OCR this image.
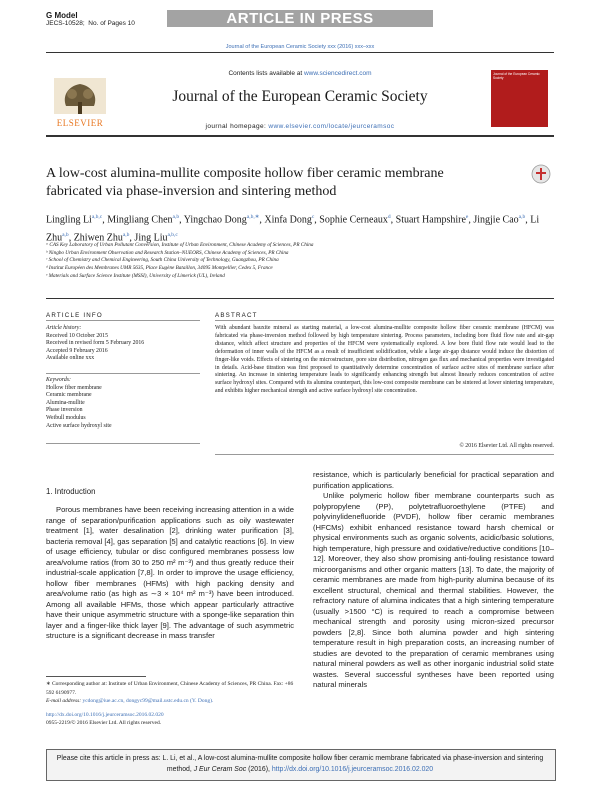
G Model
JECS-10528; No. of Pages 10	ARTICLE IN PRESS
Journal of the European Ceramic Society xxx (2016) xxx–xxx
ELSEVIER
Contents lists available at www.sciencedirect.com
Journal of the European Ceramic Society
journal homepage: www.elsevier.com/locate/jeurceramsoc
Journal of the European Ceramic Society
A low-cost alumina-mullite composite hollow fiber ceramic membrane fabricated via phase-inversion and sintering method
Lingling Li$^{a,b,c}$, Mingliang Chen$^{a,b}$, Yingchao Dong$^{a,b,∗}$, Xinfa Dong$^c$, Sophie Cerneaux$^d$, Stuart Hampshire$^e$, Jingjie Cao$^{a,b}$, Li Zhu$^{a,b}$, Zhiwen Zhu$^{a,b}$, Jing Liu$^{a,b,c}$
ᵃ CAS Key Laboratory of Urban Pollutant Conversion, Institute of Urban Environment, Chinese Academy of Sciences, PR China
ᵇ Ningbo Urban Environment Observation and Research Station–NUEORS, Chinese Academy of Sciences, PR China
ᶜ School of Chemistry and Chemical Engineering, South China University of Technology, Guangzhou, PR China
ᵈ Institut Européen des Membranes UMR 5635, Place Eugène Bataillon, 34095 Montpellier, Cedex 5, France
ᵉ Materials and Surface Science Institute (MSSI), University of Limerick (UL), Ireland
ARTICLE INFO
Article history:
Received 10 October 2015
Received in revised form 5 February 2016
Accepted 9 February 2016
Available online xxx
Keywords:
Hollow fiber membrane
Ceramic membrane
Alumina-mullite
Phase inversion
Weibull modulus
Active surface hydroxyl site
ABSTRACT
With abundant bauxite mineral as starting material, a low-cost alumina-mullite composite hollow fiber ceramic membrane (HFCM) was fabricated via phase-inversion method followed by high temperature sintering. Process parameters, including bore fluid flow rate and air-gap distance, which affect structure and properties of the HFCM were systematically explored. A low bore fluid flow rate would lead to the deformation of inner walls of the HFCM as a result of insufficient solidification, while a large air-gap distance would induce the distortion of finger-like voids. Effects of sintering on the microstructure, pore size distribution, nitrogen gas flux and mechanical properties were investigated in details. Acid-base titration was first proposed to quantitatively determine concentration of surface active sites of membrane surface after sintering. An increase in sintering temperature leads to significantly enhancing strength but almost linearly reduces concentration of active surface hydroxyl sites. Compared with its alumina counterpart, this low-cost composite membrane can be sintered at lower sintering temperature, and exhibits higher mechanical strength and active surface hydroxyl site concentration.
© 2016 Elsevier Ltd. All rights reserved.
1. Introduction

Porous membranes have been receiving increasing attention in a wide range of separation/purification applications such as oily wastewater treatment [1], water desalination [2], drinking water purification [3], bacteria removal [4], gas separation [5] and catalytic reactions [6]. In view of usage efficiency, tubular or disc configured membranes possess low area/volume ratios (from 30 to 250 m² m⁻³) and thus greatly reduce their industrial-scale application [7,8]. In order to improve the usage efficiency, hollow fiber membranes (HFMs) with high packing density and area/volume ratio (as high as ∼3 × 10⁴ m² m⁻³) have been introduced. Among all available HFMs, those which appear particularly attractive have their unique asymmetric structure with a sponge-like separation thin layer and a finger-like thick layer [9]. The advantage of such asymmetric structure is a significant decrease in mass transfer

resistance, which is particularly beneficial for practical separation and purification applications.

Unlike polymeric hollow fiber membrane counterparts such as polypropylene (PP), polytetrafluoroethylene (PTFE) and polyvinylidenefluoride (PVDF), hollow fiber ceramic membranes (HFCMs) exhibit enhanced resistance toward harsh chemical or physical environments such as organic solvents, acidic/basic solutions, high temperature, high pressure and oxidative/reductive conditions [10–12]. Moreover, they also show promising anti-fouling resistance toward microorganisms and other organic matters [13]. To date, the majority of ceramic membranes are made from high-purity alumina because of its excellent structural, chemical and thermal stabilities. However, the refractory nature of alumina indicates that a high sintering temperature (usually >1500 °C) is required to reach a compromise between mechanical strength and porosity using micron-sized precursor powders [2,8]. Since both alumina powder and high sintering temperature result in high preparation costs, an increasing number of studies are devoted to the preparation of ceramic membranes using natural mineral powders as well as other inorganic industrial solid state wastes. Several successful syntheses have been reported using natural minerals

∗ Corresponding author at: Institute of Urban Environment, Chinese Academy of Sciences, PR China. Fax: +86 592 6190977.
E-mail address: ycdong@iue.ac.cn, dongyc99@mail.ustc.edu.cn (Y. Dong).
http://dx.doi.org/10.1016/j.jeurceramsoc.2016.02.020
0955-2219/© 2016 Elsevier Ltd. All rights reserved.
Please cite this article in press as: L. Li, et al., A low-cost alumina-mullite composite hollow fiber ceramic membrane fabricated via phase-inversion and sintering method, J Eur Ceram Soc (2016), http://dx.doi.org/10.1016/j.jeurceramsoc.2016.02.020
